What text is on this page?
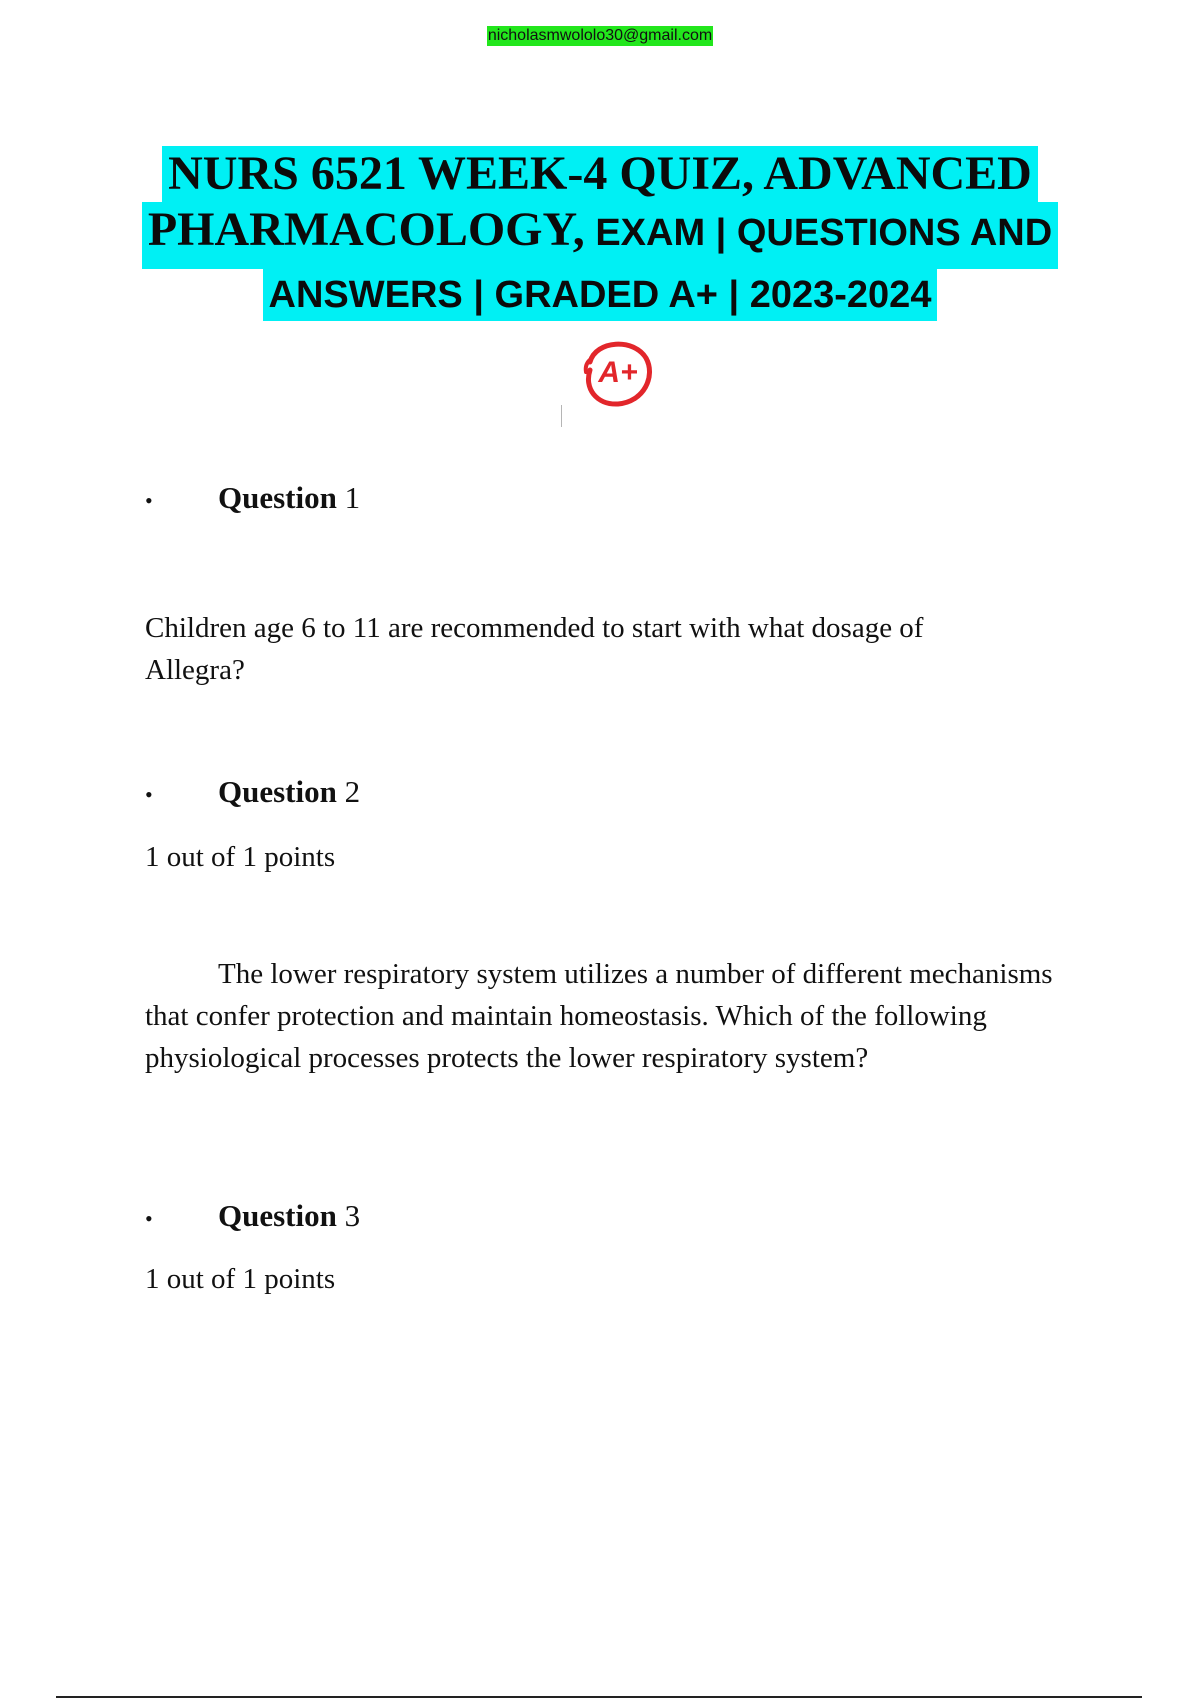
nicholasmwololo30@gmail.com
NURS 6521 WEEK-4 QUIZ, ADVANCED
PHARMACOLOGY, EXAM | QUESTIONS AND
ANSWERS | GRADED A+ | 2023-2024
A+
• Question 1
Children age 6 to 11 are recommended to start with what dosage of Allegra?
• Question 2
1 out of 1 points
The lower respiratory system utilizes a number of different mechanisms that confer protection and maintain homeostasis. Which of the following physiological processes protects the lower respiratory system?
• Question 3
1 out of 1 points
